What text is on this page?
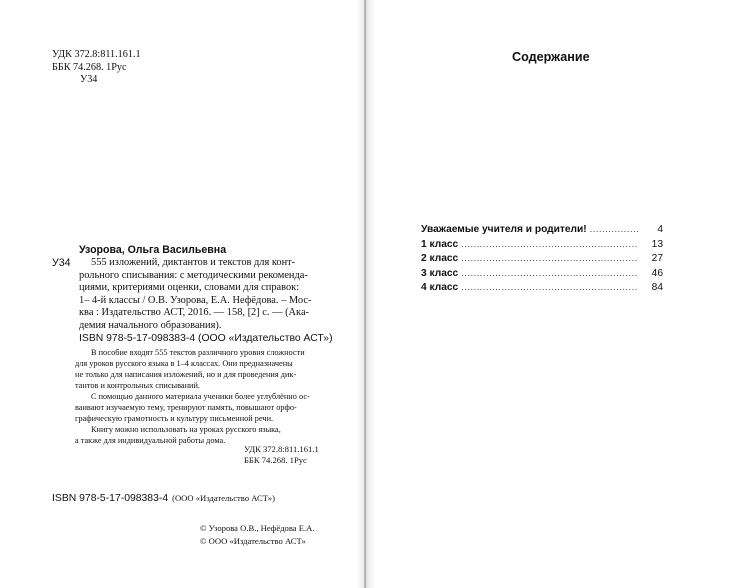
УДК 372.8:811.161.1
ББК 74.268. 1Рус
У34
Узорова, Ольга Васильевна
У34	555 изложений, диктантов и текстов для конт-
рольного списывания: с методическими рекоменда-
циями, критериями оценки, словами для справок:
1– 4-й классы / О.В. Узорова, Е.А. Нефёдова. – Мос-
ква : Издательство АСТ, 2016. — 158, [2] с. — (Ака-
демия начального образования).
ISBN 978-5-17-098383-4 (ООО «Издательство АСТ»)

В пособие входят 555 текстов различного уровня сложности

для уроков русского языка в 1–4 классах. Они предназначены

не только для написания изложений, но и для проведения дик-

тантов и контрольных списываний.

С помощью данного материала ученики более углублённо ос-

ваивают изучаемую тему, тренируют память, повышают орфо-

графическую грамотность и культуру письменной речи.

Книгу можно использовать на уроках русского языка,

а также для индивидуальной работы дома.

УДК 372.8:811.161.1
ББК 74.268. 1Рус
ISBN 978-5-17-098383-4 (ООО «Издательство АСТ»)
© Узорова О.В., Нефёдова Е.А.
© ООО «Издательство АСТ»
Содержание
Уважаемые учителя и родители! .....	4
1 класс .....	13
2 класс .....	27
3 класс .....	46
4 класс .....	84
